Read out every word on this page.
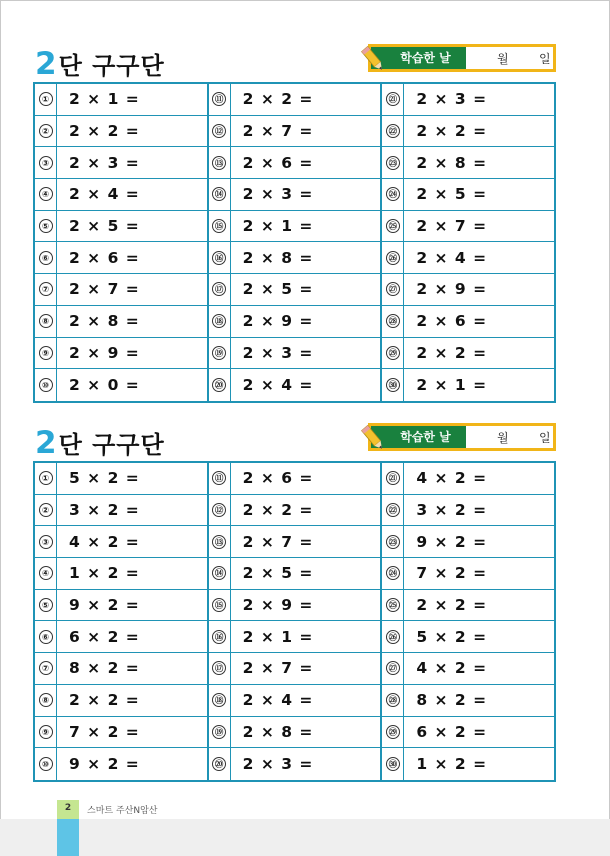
2 단 구구단	학습한 날	월	일
① 2 × 1 =	⑪ 2 × 2 =	㉑ 2 × 3 =
② 2 × 2 =	⑫ 2 × 7 =	㉒ 2 × 2 =
③ 2 × 3 =	⑬ 2 × 6 =	㉓ 2 × 8 =
④ 2 × 4 =	⑭ 2 × 3 =	㉔ 2 × 5 =
⑤ 2 × 5 =	⑮ 2 × 1 =	㉕ 2 × 7 =
⑥ 2 × 6 =	⑯ 2 × 8 =	㉖ 2 × 4 =
⑦ 2 × 7 =	⑰ 2 × 5 =	㉗ 2 × 9 =
⑧ 2 × 8 =	⑱ 2 × 9 =	㉘ 2 × 6 =
⑨ 2 × 9 =	⑲ 2 × 3 =	㉙ 2 × 2 =
⑩ 2 × 0 =	⑳ 2 × 4 =	㉚ 2 × 1 =
2 단 구구단	학습한 날	월	일
① 5 × 2 =	⑪ 2 × 6 =	㉑ 4 × 2 =
② 3 × 2 =	⑫ 2 × 2 =	㉒ 3 × 2 =
③ 4 × 2 =	⑬ 2 × 7 =	㉓ 9 × 2 =
④ 1 × 2 =	⑭ 2 × 5 =	㉔ 7 × 2 =
⑤ 9 × 2 =	⑮ 2 × 9 =	㉕ 2 × 2 =
⑥ 6 × 2 =	⑯ 2 × 1 =	㉖ 5 × 2 =
⑦ 8 × 2 =	⑰ 2 × 7 =	㉗ 4 × 2 =
⑧ 2 × 2 =	⑱ 2 × 4 =	㉘ 8 × 2 =
⑨ 7 × 2 =	⑲ 2 × 8 =	㉙ 6 × 2 =
⑩ 9 × 2 =	⑳ 2 × 3 =	㉚ 1 × 2 =
2	스마트 주산N암산
